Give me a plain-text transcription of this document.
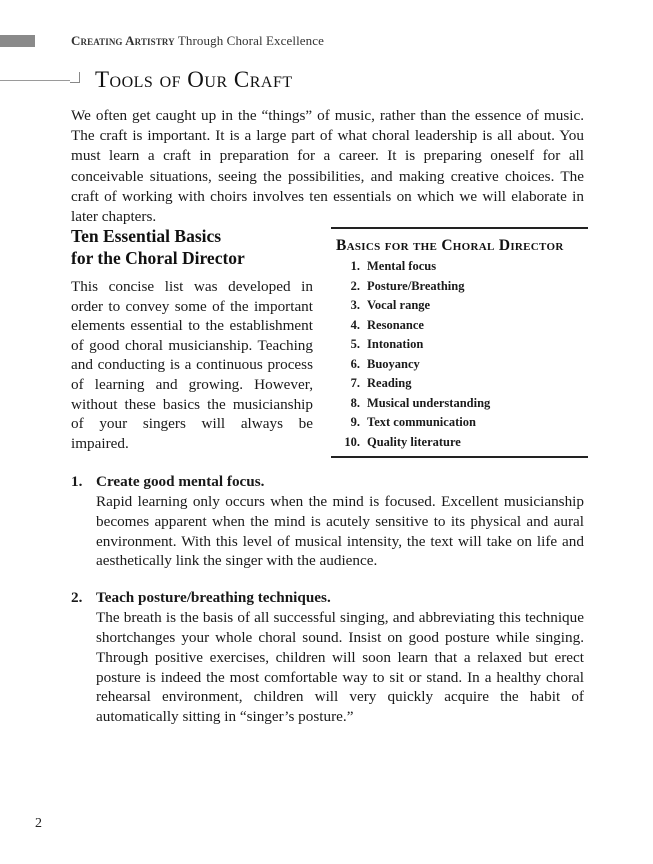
Creating Artistry Through Choral Excellence
Tools of Our Craft

We often get caught up in the “things” of music, rather than the essence of music. The craft is important. It is a large part of what choral leadership is all about. You must learn a craft in preparation for a career. It is preparing oneself for all conceivable situations, seeing the possibilities, and making creative choices. The craft of working with choirs involves ten essentials on which we will elaborate in later chapters.

Ten Essential Basics
for the Choral Director

This concise list was developed in order to convey some of the important elements essential to the establishment of good choral musicianship. Teaching and conducting is a continuous process of learning and growing. However, without these basics the musicianship of your singers will always be impaired.

Basics for the Choral Director
1. Mental focus
2. Posture/Breathing
3. Vocal range
4. Resonance
5. Intonation
6. Buoyancy
7. Reading
8. Musical understanding
9. Text communication
10. Quality literature
1. Create good mental focus.

Rapid learning only occurs when the mind is focused. Excellent musicianship becomes apparent when the mind is acutely sensitive to its physical and aural environment. With this level of musical intensity, the text will take on life and aesthetically link the singer with the audience.

2. Teach posture/breathing techniques.

The breath is the basis of all successful singing, and abbreviating this technique shortchanges your whole choral sound. Insist on good posture while singing. Through positive exercises, children will soon learn that a relaxed but erect posture is indeed the most comfortable way to sit or stand. In a healthy choral rehearsal environment, children will very quickly acquire the habit of automatically sitting in “singer’s posture.”

2
